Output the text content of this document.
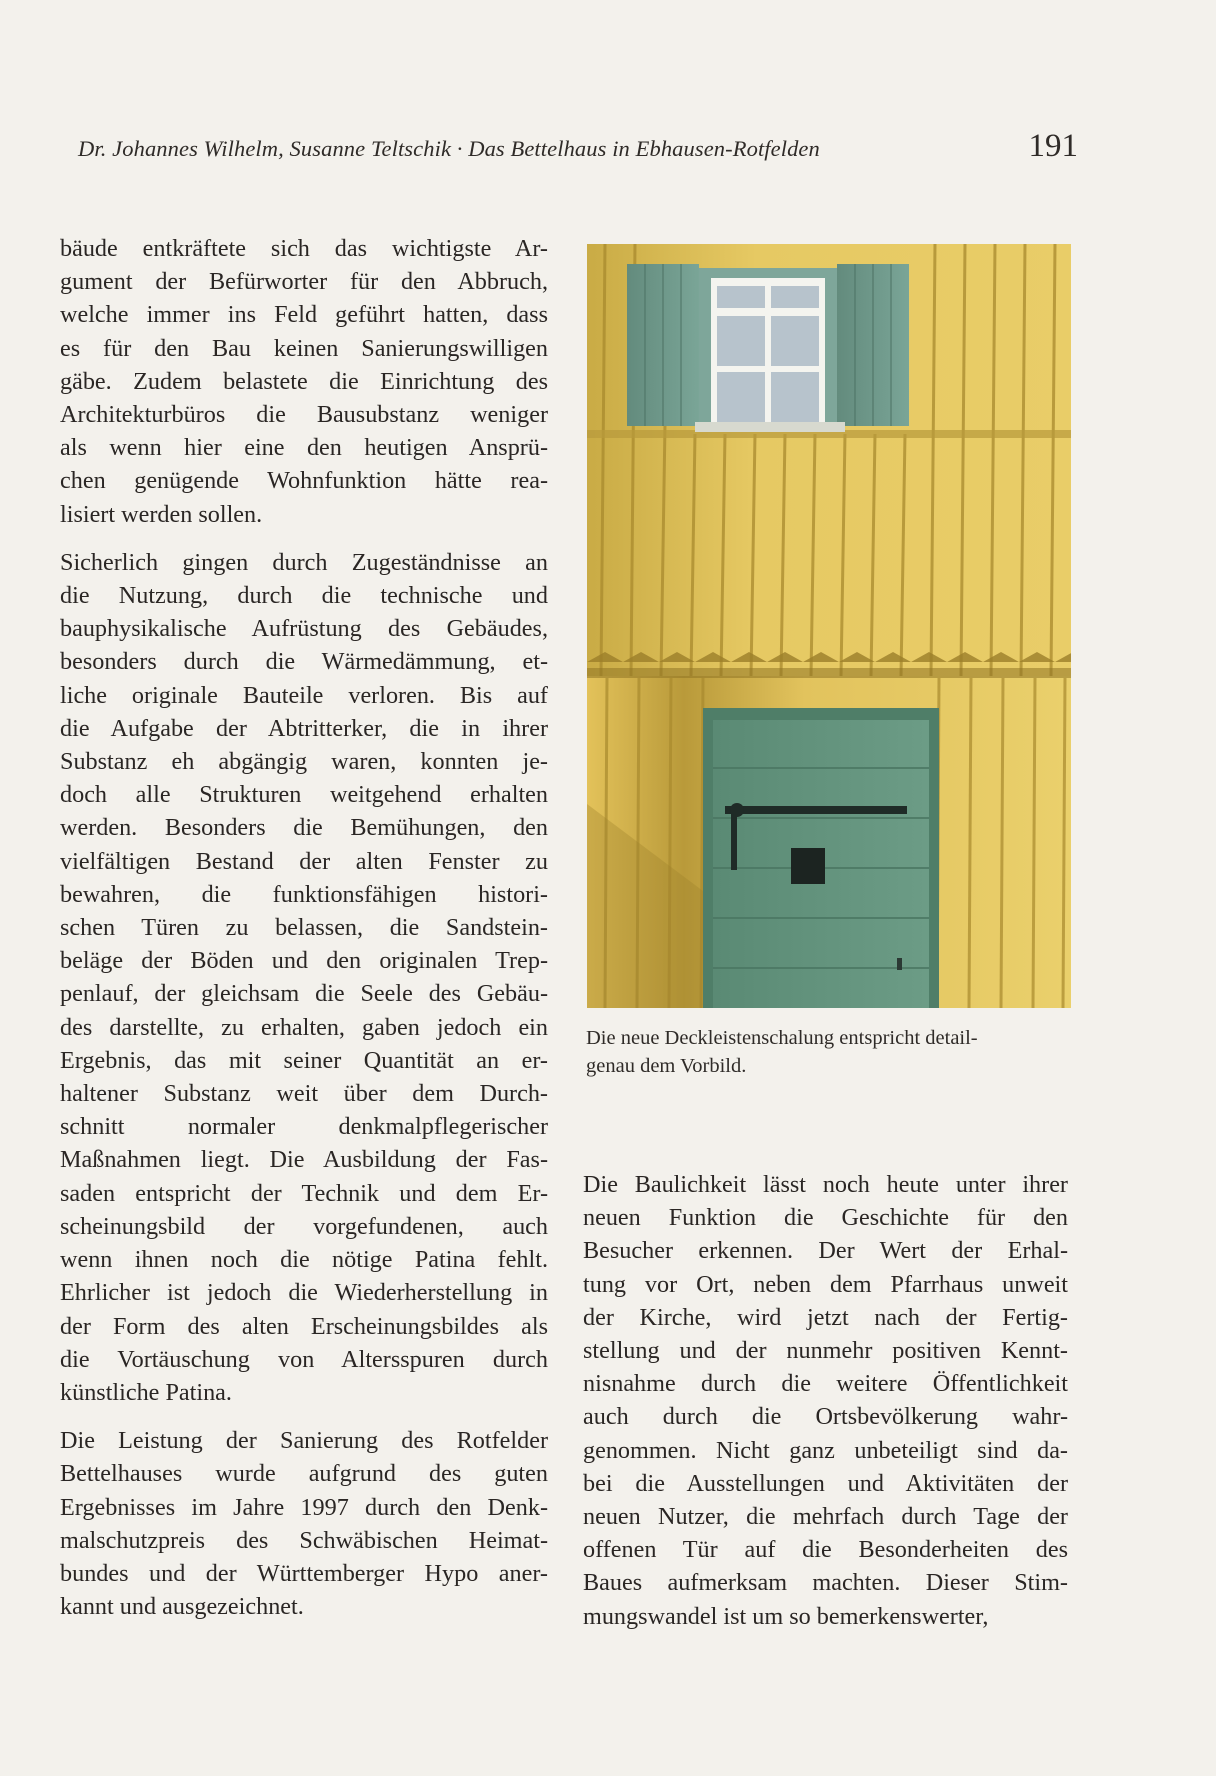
Dr. Johannes Wilhelm, Susanne Teltschik · Das Bettelhaus in Ebhausen-Rotfelden	191

bäude entkräftete sich das wichtigste Ar-
gument der Befürworter für den Abbruch,
welche immer ins Feld geführt hatten, dass
es für den Bau keinen Sanierungswilligen
gäbe. Zudem belastete die Einrichtung des
Architekturbüros die Bausubstanz weniger
als wenn hier eine den heutigen Ansprü-
chen genügende Wohnfunktion hätte rea-
lisiert werden sollen.

Sicherlich gingen durch Zugeständnisse an
die Nutzung, durch die technische und
bauphysikalische Aufrüstung des Gebäudes,
besonders durch die Wärmedämmung, et-
liche originale Bauteile verloren. Bis auf
die Aufgabe der Abtritterker, die in ihrer
Substanz eh abgängig waren, konnten je-
doch alle Strukturen weitgehend erhalten
werden. Besonders die Bemühungen, den
vielfältigen Bestand der alten Fenster zu
bewahren, die funktionsfähigen histori-
schen Türen zu belassen, die Sandstein-
beläge der Böden und den originalen Trep-
penlauf, der gleichsam die Seele des Gebäu-
des darstellte, zu erhalten, gaben jedoch ein
Ergebnis, das mit seiner Quantität an er-
haltener Substanz weit über dem Durch-
schnitt normaler denkmalpflegerischer
Maßnahmen liegt. Die Ausbildung der Fas-
saden entspricht der Technik und dem Er-
scheinungsbild der vorgefundenen, auch
wenn ihnen noch die nötige Patina fehlt.
Ehrlicher ist jedoch die Wiederherstellung in
der Form des alten Erscheinungsbildes als
die Vortäuschung von Altersspuren durch
künstliche Patina.

Die Leistung der Sanierung des Rotfelder
Bettelhauses wurde aufgrund des guten
Ergebnisses im Jahre 1997 durch den Denk-
malschutzpreis des Schwäbischen Heimat-
bundes und der Württemberger Hypo aner-
kannt und ausgezeichnet.

Die neue Deckleistenschalung entspricht detail-
genau dem Vorbild.

Die Baulichkeit lässt noch heute unter ihrer
neuen Funktion die Geschichte für den
Besucher erkennen. Der Wert der Erhal-
tung vor Ort, neben dem Pfarrhaus unweit
der Kirche, wird jetzt nach der Fertig-
stellung und der nunmehr positiven Kennt-
nisnahme durch die weitere Öffentlichkeit
auch durch die Ortsbevölkerung wahr-
genommen. Nicht ganz unbeteiligt sind da-
bei die Ausstellungen und Aktivitäten der
neuen Nutzer, die mehrfach durch Tage der
offenen Tür auf die Besonderheiten des
Baues aufmerksam machten. Dieser Stim-
mungswandel ist um so bemerkenswerter,
